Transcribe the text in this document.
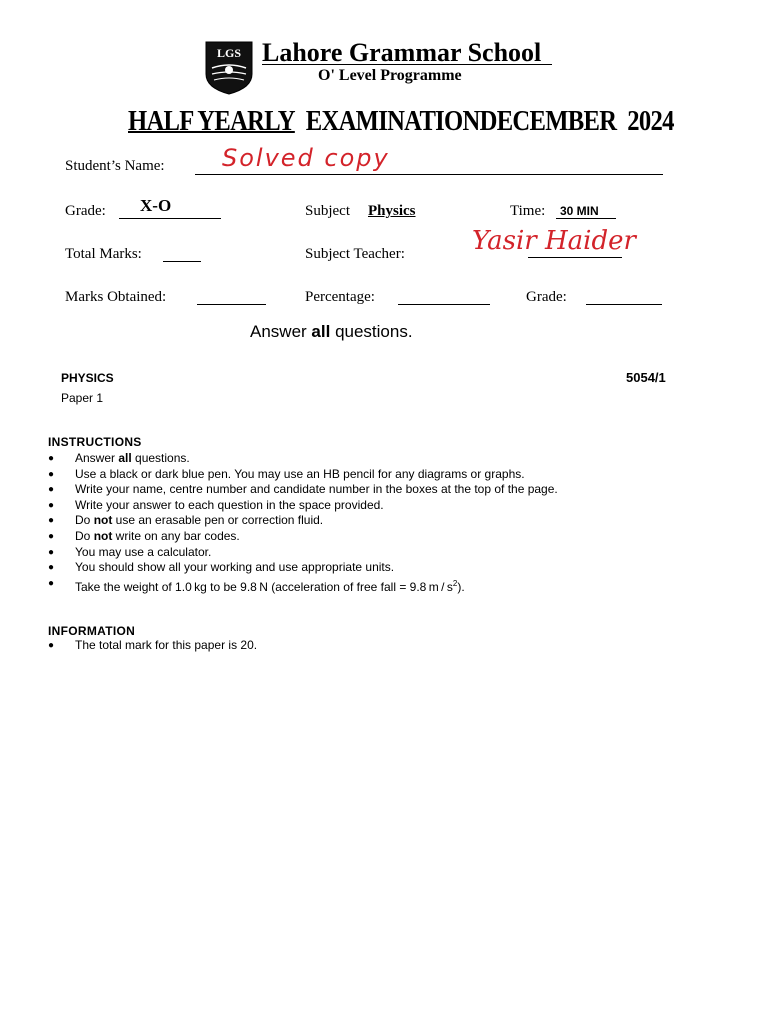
LGS Lahore Grammar School
O' Level Programme
HALF YEARLY EXAMINATIONDECEMBER 2024
Student’s Name: Solved copy
Grade: X-O	Subject Physics	Time: 30 MIN
Total Marks:	Subject Teacher:	Yasir Haider
Marks Obtained:	Percentage:	Grade:
Answer all questions.
PHYSICS	5054/1
Paper 1
INSTRUCTIONS
● Answer all questions.
● Use a black or dark blue pen. You may use an HB pencil for any diagrams or graphs.
● Write your name, centre number and candidate number in the boxes at the top of the page.
● Write your answer to each question in the space provided.
● Do not use an erasable pen or correction fluid.
● Do not write on any bar codes.
● You may use a calculator.
● You should show all your working and use appropriate units.
● Take the weight of 1.0 kg to be 9.8 N (acceleration of free fall = 9.8 m / $s^2$).
INFORMATION
● The total mark for this paper is 20.
